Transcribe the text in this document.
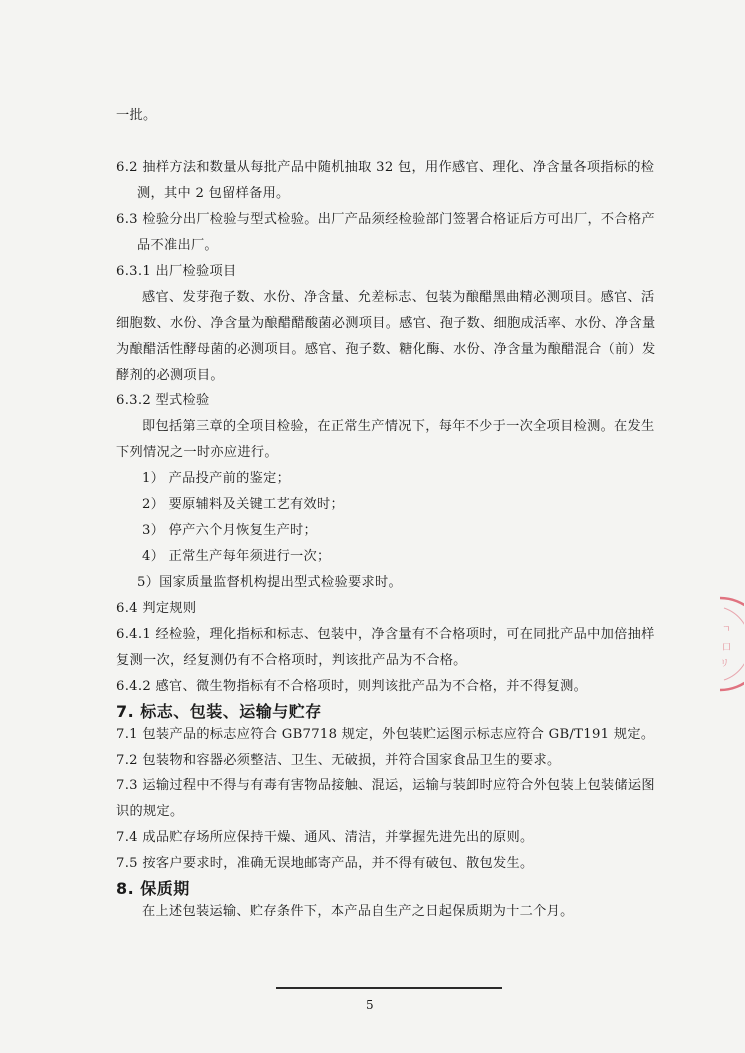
一批。
6.2 抽样方法和数量从每批产品中随机抽取 32 包，用作感官、理化、净含量各项指标的检
测，其中 2 包留样备用。
6.3 检验分出厂检验与型式检验。出厂产品须经检验部门签署合格证后方可出厂，不合格产
品不准出厂。
6.3.1 出厂检验项目
感官、发芽孢子数、水份、净含量、允差标志、包装为酿醋黑曲精必测项目。感官、活
细胞数、水份、净含量为酿醋醋酸菌必测项目。感官、孢子数、细胞成活率、水份、净含量
为酿醋活性酵母菌的必测项目。感官、孢子数、糖化酶、水份、净含量为酿醋混合（前）发
酵剂的必测项目。
6.3.2 型式检验
即包括第三章的全项目检验，在正常生产情况下，每年不少于一次全项目检测。在发生
下列情况之一时亦应进行。
1） 产品投产前的鉴定；
2） 要原辅料及关键工艺有效时；
3） 停产六个月恢复生产时；
4） 正常生产每年须进行一次；
5）国家质量监督机构提出型式检验要求时。
6.4 判定规则
6.4.1 经检验，理化指标和标志、包装中，净含量有不合格项时，可在同批产品中加倍抽样
复测一次，经复测仍有不合格项时，判该批产品为不合格。
6.4.2 感官、微生物指标有不合格项时，则判该批产品为不合格，并不得复测。
7. 标志、包装、运输与贮存
7.1 包装产品的标志应符合 GB7718 规定，外包装贮运图示标志应符合 GB/T191 规定。
7.2 包装物和容器必须整洁、卫生、无破损，并符合国家食品卫生的要求。
7.3 运输过程中不得与有毒有害物品接触、混运，运输与装卸时应符合外包装上包装储运图
识的规定。
7.4 成品贮存场所应保持干燥、通风、清洁，并掌握先进先出的原则。
7.5 按客户要求时，准确无误地邮寄产品，并不得有破包、散包发生。
8. 保质期
在上述包装运输、贮存条件下，本产品自生产之日起保质期为十二个月。
5
ㄱ
口
リ
